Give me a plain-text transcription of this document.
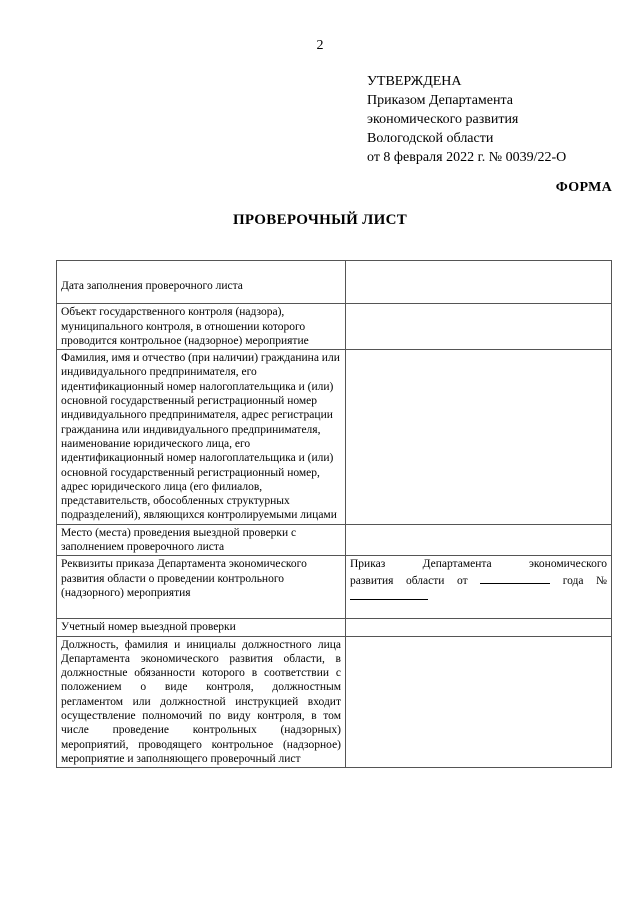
2
УТВЕРЖДЕНА
Приказом Департамента
экономического развития
Вологодской области
от 8 февраля 2022 г. № 0039/22-О
ФОРМА
ПРОВЕРОЧНЫЙ ЛИСТ
Дата заполнения проверочного листа	
Объект государственного контроля (надзора), муниципального контроля, в отношении которого проводится контрольное (надзорное) мероприятие	
Фамилия, имя и отчество (при наличии) гражданина или индивидуального предпринимателя, его идентификационный номер налогоплательщика и (или) основной государственный регистрационный номер индивидуального предпринимателя, адрес регистрации гражданина или индивидуального предпринимателя, наименование юридического лица, его идентификационный номер налогоплательщика и (или) основной государственный регистрационный номер, адрес юридического лица (его филиалов, представительств, обособленных структурных подразделений), являющихся контролируемыми лицами	
Место (места) проведения выездной проверки с заполнением проверочного листа	
Реквизиты приказа Департамента экономического развития области о проведении контрольного (надзорного) мероприятия	Приказ Департамента экономического
развития области от года №

Учетный номер выездной проверки	
Должность, фамилия и инициалы должностного лица Департамента экономического развития области, в должностные обязанности которого в соответствии с положением о виде контроля, должностным регламентом или должностной инструкцией входит осуществление полномочий по виду контроля, в том числе проведение контрольных (надзорных) мероприятий, проводящего контрольное (надзорное) мероприятие и заполняющего проверочный лист	
